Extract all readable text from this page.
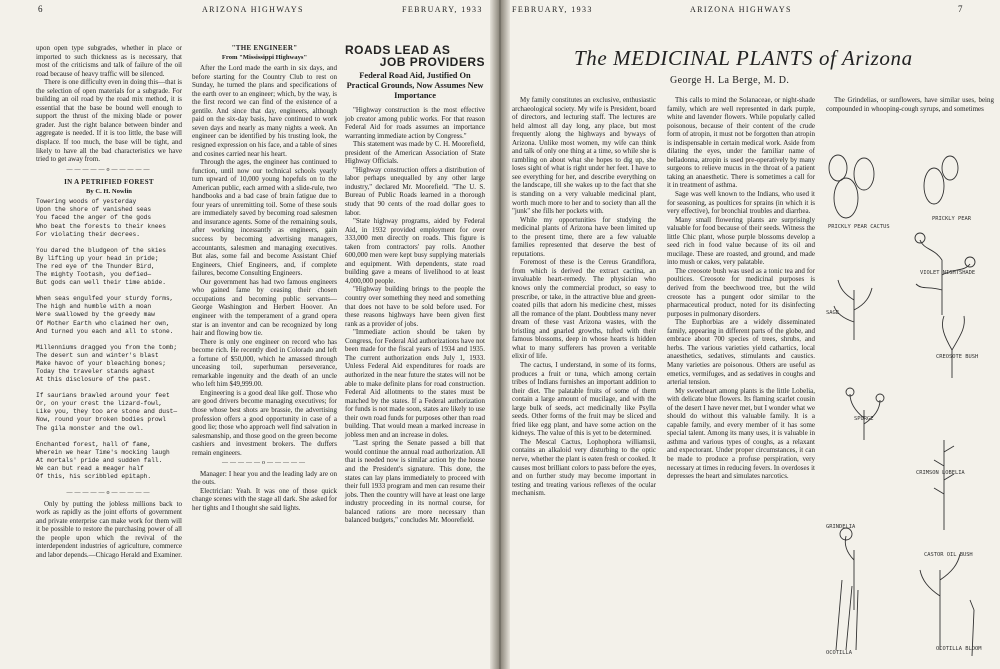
6	ARIZONA HIGHWAYS	FEBRUARY, 1933

upon open type subgrades, whether in place or imported to such thickness as is necessary, that most of the criticisms and talk of failure of the oil road because of heavy traffic will be silenced.

There is one difficulty even in doing this—that is the selection of open materials for a subgrade. For building an oil road by the road mix method, it is essential that the base be bound well enough to support the thrust of the mixing blade or power grader. Just the right balance between binder and aggregate is needed. If it is too little, the base will displace. If too much, the base will be tight, and likely to have all the bad characteristics we have tried to get away from.

—————o—————
IN A PETRIFIED FOREST
By C. H. Nowlin

Towering woods of yesterday
Upon the shore of vanished seas
You faced the anger of the gods
Who beat the forests to their knees
For violating their decrees.

You dared the bludgeon of the skies
By lifting up your head in pride;
The red eye of the Thunder Bird,
The mighty Tootash, you defied—
But gods can well their time abide.

When seas engulfed your sturdy forms,
The high and humble with a moan
Were swallowed by the greedy maw
Of Mother Earth who claimed her own,
And turned you each and all to stone.

Millenniums dragged you from the tomb;
The desert sun and winter's blast
Make havoc of your bleaching bones;
Today the traveler stands aghast
At this disclosure of the past.

If saurians brawled around your feet
Or, on your crest the lizard-fowl,
Like you, they too are stone and dust—
Now, round your broken bodies prowl
The gila monster and the owl.

Enchanted forest, hall of fame,
Wherein we hear Time's mocking laugh
At mortals' pride and sudden fall.
We can but read a meager half
Of this, his scribbled epitaph.

—————o—————

Only by putting the jobless millions back to work as rapidly as the joint efforts of government and private enterprise can make work for them will it be possible to restore the purchasing power of all the people upon which the revival of the interdependent industries of agriculture, commerce and labor depends.—Chicago Herald and Examiner.

"THE ENGINEER"
From "Mississippi Highways"

After the Lord made the earth in six days, and before starting for the Country Club to rest on Sunday, he turned the plans and specifications of the earth over to an engineer; which, by the way, is the first record we can find of the existence of a gentile. And since that day, engineers, although paid on the six-day basis, have continued to work seven days and nearly as many nights a week. An engineer can be identified by his trusting look, the resigned expression on his face, and a table of sines and cosines carried near his heart.

Through the ages, the engineer has continued to function, until now our technical schools yearly turn upward of 10,000 young hopefuls on to the American public, each armed with a slide-rule, two handbooks and a bad case of brain fatigue due to four years of unremitting toil. Some of these souls are immediately saved by becoming road salesmen and insurance agents. Some of the remaining souls, after working incessantly as engineers, gain success by becoming advertising managers, accountants, salesmen and managing executives. But alas, some fail and become Assistant Chief Engineers, Chief Engineers, and, if complete failures, become Consulting Engineers.

Our government has had two famous engineers who gained fame by ceasing their chosen occupations and becoming public servants—George Washington and Herbert Hoover. An engineer with the temperament of a grand opera star is an inventor and can be recognized by long hair and flowing bow tie.

There is only one engineer on record who has become rich. He recently died in Colorado and left a fortune of $50,000, which he amassed through unceasing toil, superhuman perseverance, remarkable ingenuity and the death of an uncle who left him $49,999.00.

Engineering is a good deal like golf. Those who are good drivers become managing executives; for those whose best shots are brassie, the advertising profession offers a good opportunity in case of a good lie; those who approach well find salvation in salesmanship, and those good on the green become cashiers and investment brokers. The duffers remain engineers.

—————o—————

Manager: I hear you and the leading lady are on the outs.

Electrician: Yeah. It was one of those quick change scenes with the stage all dark. She asked for her tights and I thought she said lights.

ROADS LEAD AS
JOB PROVIDERS
Federal Road Aid, Justified On Practical Grounds, Now Assumes New Importance

"Highway construction is the most effective job creator among public works. For that reason Federal Aid for roads assumes an importance warranting immediate action by Congress."

This statement was made by C. H. Moorefield, president of the American Association of State Highway Officials.

"Highway construction offers a distribution of labor perhaps unequalled by any other large industry," declared Mr. Moorefield. "The U. S. Bureau of Public Roads learned in a thorough study that 90 cents of the road dollar goes to labor.

"State highway programs, aided by Federal Aid, in 1932 provided employment for over 333,000 men directly on roads. This figure is taken from contractors' pay rolls. Another 600,000 men were kept busy supplying materials and equipment. With dependents, state road building gave a means of livelihood to at least 4,000,000 people.

"Highway building brings to the people the country over something they need and something that does not have to be sold before used. For these reasons highways have been given first rank as a provider of jobs.

"Immediate action should be taken by Congress, for Federal Aid authorizations have not been made for the fiscal years of 1934 and 1935. The current authorization ends July 1, 1933. Unless Federal Aid expenditures for roads are authorized in the near future the states will not be able to make definite plans for road construction. Federal Aid allotments to the states must be matched by the states. If a Federal authorization for funds is not made soon, states are likely to use their own road funds for purposes other than road building. That would mean a marked increase in jobless men and an increase in doles.

"Last spring the Senate passed a bill that would continue the annual road authorization. All that is needed now is similar action by the house and the President's signature. This done, the states can lay plans immediately to proceed with their full 1933 program and men can resume their jobs. Then the country will have at least one large industry proceeding in its normal course, for balanced rations are more necessary than balanced budgets," concludes Mr. Moorefield.

FEBRUARY, 1933	ARIZONA HIGHWAYS	7
The MEDICINAL PLANTS of Arizona
George H. La Berge, M. D.

My family constitutes an exclusive, enthusiastic archaeological society. My wife is President, board of directors, and lecturing staff. The lectures are held almost all day long, any place, but most frequently along the highways and byways of Arizona. Unlike most women, my wife can think and talk of only one thing at a time, so while she is rambling on about what she hopes to dig up, she loses sight of what is right under her feet. I have to see everything for her, and describe everything on the landscape, till she wakes up to the fact that she is standing on a very valuable medicinal plant, worth much more to her and to society than all the "junk" she fills her pockets with.

While my opportunities for studying the medicinal plants of Arizona have been limited up to the present time, there are a few valuable families represented that deserve the best of reputations.

Foremost of these is the Cereus Grandiflora, from which is derived the extract cactina, an invaluable heart-remedy. The physician who knows only the commercial product, so easy to prescribe, or take, in the attractive blue and green-coated pills that adorn his medicine chest, misses all the romance of the plant. Doubtless many never dream of these vast Arizona wastes, with the bristling and gnarled growths, tufted with their famous blossoms, deep in whose hearts is hidden what to many sufferers has proven a veritable elixir of life.

The cactus, I understand, in some of its forms, produces a fruit or tuna, which among certain tribes of Indians furnishes an important addition to their diet. The palatable fruits of some of them contain a large amount of mucilage, and with the large bulk of seeds, act medicinally like Psylla seeds. Other forms of the fruit may be sliced and fried like egg plant, and have some action on the kidneys. The value of this is yet to be determined.

The Mescal Cactus, Lophophora williamsii, contains an alkaloid very disturbing to the optic nerve, whether the plant is eaten fresh or cooked. It causes most brilliant colors to pass before the eyes, and on further study may become important in testing and treating various reflexes of the ocular mechanism.

This calls to mind the Solanaceae, or night-shade family, which are well represented in dark purple, white and lavender flowers. While popularly called poisonous, because of their content of the crude form of atropin, it must not be forgotten than atropin is indispensable in certain medical work. Aside from dilating the eyes, under the familiar name of belladonna, atropin is used pre-operatively by many surgeons to relieve mucus in the throat of a patient taking an anaesthetic. There is sometimes a call for it in treatment of asthma.

Sage was well known to the Indians, who used it for seasoning, as poultices for sprains (in which it is very effective), for bronchial troubles and diarrhea.

Many small flowering plants are surprisingly valuable for food because of their seeds. Witness the little Chic plant, whose purple blossoms develop a seed rich in food value because of its oil and mucilage. These are roasted, and ground, and made into mush or cakes, very palatable.

The creosote bush was used as a tonic tea and for poultices. Creosote for medicinal purposes is derived from the beechwood tree, but the wild creosote has a pungent odor similar to the pharmaceutical product, noted for its disinfecting purposes in pulmonary disorders.

The Euphorbias are a widely disseminated family, appearing in different parts of the globe, and embrace about 700 species of trees, shrubs, and herbs. The various varieties yield cathartics, local anaesthetics, sedatives, stimulants and caustics. Many varieties are poisonous. Others are useful as emetics, vermifuges, and as sedatives in coughs and arterial tension.

My sweetheart among plants is the little Lobelia, with delicate blue flowers. Its flaming scarlet cousin of the desert I have never met, but I wonder what we should do without this valuable family. It is a capable family, and every member of it has some special talent. Among its many uses, it is valuable in asthma and various types of coughs, as a relaxant and expectorant. Under proper circumstances, it can be made to produce a profuse perspiration, very necessary at times in reducing fevers. In overdoses it depresses the heart and simulates narcotics.

The Grindelias, or sunflowers, have similar uses, being compounded in whooping-cough syrups, and sometimes

PRICKLY PEAR
PRICKLY PEAR CACTUS
VIOLET NIGHTSHADE
SAGE
CREOSOTE BUSH
SPURGE
CRIMSON LOBELIA
GRINDELIA
CASTOR OIL BUSH
OCOTILLA
OCOTILLA BLOOM
